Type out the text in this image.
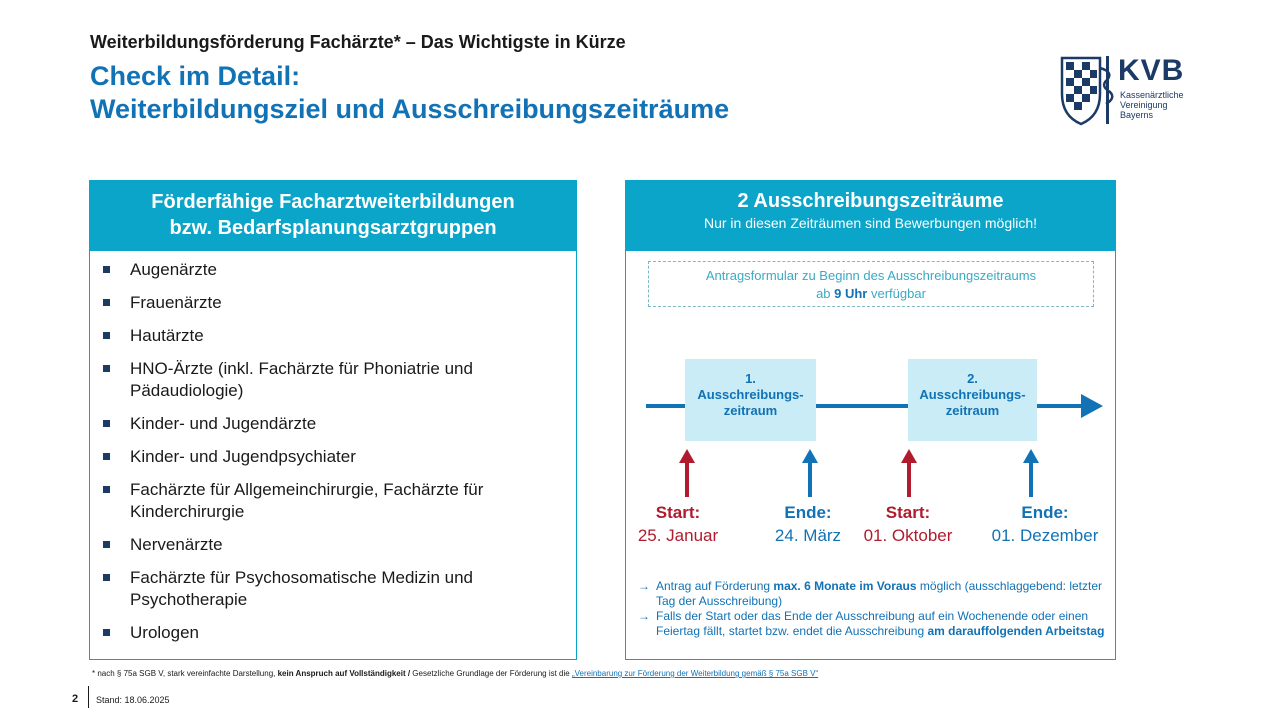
Weiterbildungsförderung Fachärzte* – Das Wichtigste in Kürze
Check im Detail:
Weiterbildungsziel und Ausschreibungszeiträume
KVB
Kassenärztliche
Vereinigung
Bayerns
Förderfähige Facharztweiterbildungen
bzw. Bedarfsplanungsarztgruppen
Augenärzte
Frauenärzte
Hautärzte
HNO-Ärzte (inkl. Fachärzte für Phoniatrie und Pädaudiologie)
Kinder- und Jugendärzte
Kinder- und Jugendpsychiater
Fachärzte für Allgemeinchirurgie, Fachärzte für Kinderchirurgie
Nervenärzte
Fachärzte für Psychosomatische Medizin und Psychotherapie
Urologen
2 Ausschreibungszeiträume
Nur in diesen Zeiträumen sind Bewerbungen möglich!
Antragsformular zu Beginn des Ausschreibungszeitraums
ab 9 Uhr verfügbar
1.
Ausschreibungs-
zeitraum
2.
Ausschreibungs-
zeitraum
Start:
25. Januar
Ende:
24. März
Start:
01. Oktober
Ende:
01. Dezember
→ Antrag auf Förderung max. 6 Monate im Voraus möglich (ausschlaggebend: letzter Tag der Ausschreibung)
→ Falls der Start oder das Ende der Ausschreibung auf ein Wochenende oder einen Feiertag fällt, startet bzw. endet die Ausschreibung am darauffolgenden Arbeitstag
* nach § 75a SGB V, stark vereinfachte Darstellung, kein Anspruch auf Vollständigkeit / Gesetzliche Grundlage der Förderung ist die „Vereinbarung zur Förderung der Weiterbildung gemäß § 75a SGB V“
2 Stand: 18.06.2025
